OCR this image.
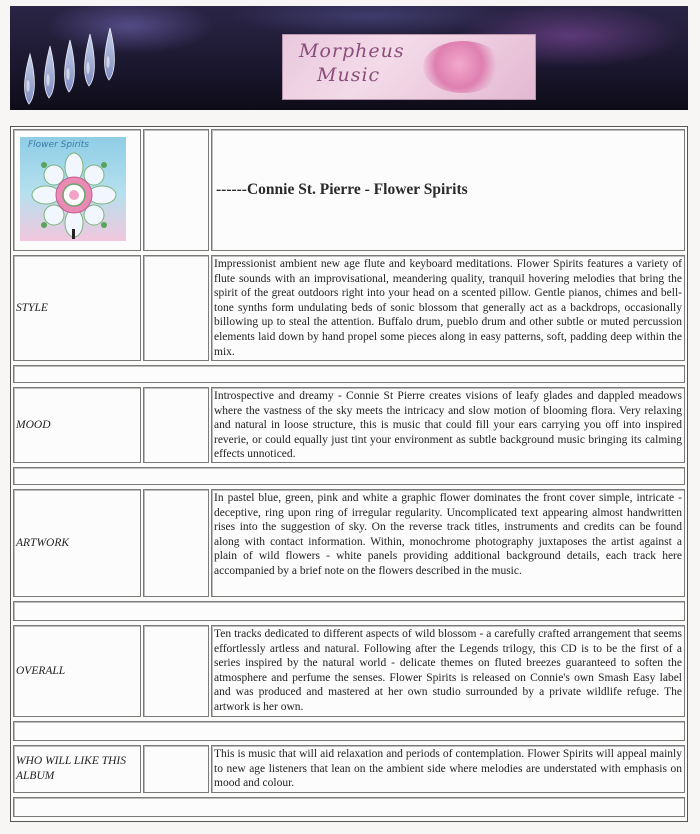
Morpheus
Music
Flower Spirits
------Connie St. Pierre - Flower Spirits
STYLE
Impressionist ambient new age flute and keyboard meditations. Flower Spirits features a variety of flute sounds with an improvisational, meandering quality, tranquil hovering melodies that bring the spirit of the great outdoors right into your head on a scented pillow. Gentle pianos, chimes and bell-tone synths form undulating beds of sonic blossom that generally act as a backdrops, occasionally billowing up to steal the attention. Buffalo drum, pueblo drum and other subtle or muted percussion elements laid down by hand propel some pieces along in easy patterns, soft, padding deep within the mix.
MOOD
Introspective and dreamy - Connie St Pierre creates visions of leafy glades and dappled meadows where the vastness of the sky meets the intricacy and slow motion of blooming flora. Very relaxing and natural in loose structure, this is music that could fill your ears carrying you off into inspired reverie, or could equally just tint your environment as subtle background music bringing its calming effects unnoticed.
ARTWORK
In pastel blue, green, pink and white a graphic flower dominates the front cover simple, intricate - deceptive, ring upon ring of irregular regularity. Uncomplicated text appearing almost handwritten rises into the suggestion of sky. On the reverse track titles, instruments and credits can be found along with contact information. Within, monochrome photography juxtaposes the artist against a plain of wild flowers - white panels providing additional background details, each track here accompanied by a brief note on the flowers described in the music.
OVERALL
Ten tracks dedicated to different aspects of wild blossom - a carefully crafted arrangement that seems effortlessly artless and natural. Following after the Legends trilogy, this CD is to be the first of a series inspired by the natural world - delicate themes on fluted breezes guaranteed to soften the atmosphere and perfume the senses. Flower Spirits is released on Connie's own Smash Easy label and was produced and mastered at her own studio surrounded by a private wildlife refuge. The artwork is her own.
WHO WILL LIKE THIS ALBUM
This is music that will aid relaxation and periods of contemplation. Flower Spirits will appeal mainly to new age listeners that lean on the ambient side where melodies are understated with emphasis on mood and colour.
